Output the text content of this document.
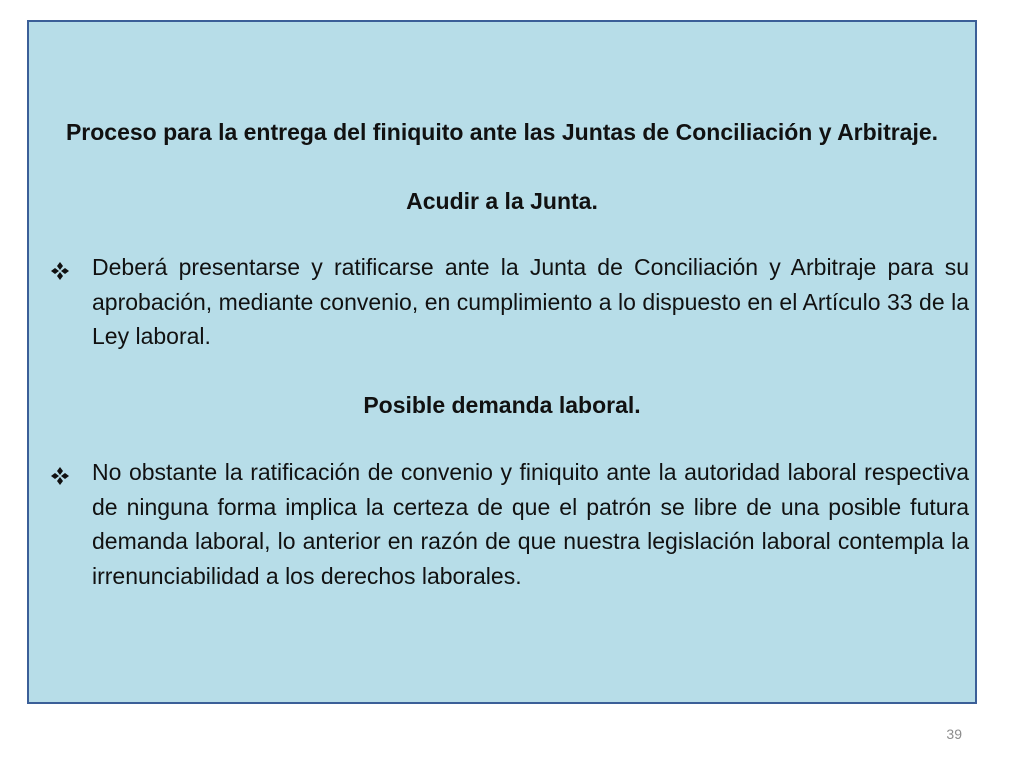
Proceso para la entrega del finiquito ante las Juntas de Conciliación y Arbitraje.

Acudir a la Junta.

Deberá presentarse y ratificarse ante la Junta de Conciliación y Arbitraje para su aprobación, mediante convenio, en cumplimiento a lo dispuesto en el Artículo 33 de la Ley laboral.

Posible demanda laboral.

No obstante la ratificación de convenio y finiquito ante la autoridad laboral respectiva de ninguna forma implica la certeza de que el patrón se libre de una posible futura demanda laboral, lo anterior en razón de que nuestra legislación laboral contempla la irrenunciabilidad a los derechos laborales.
39
